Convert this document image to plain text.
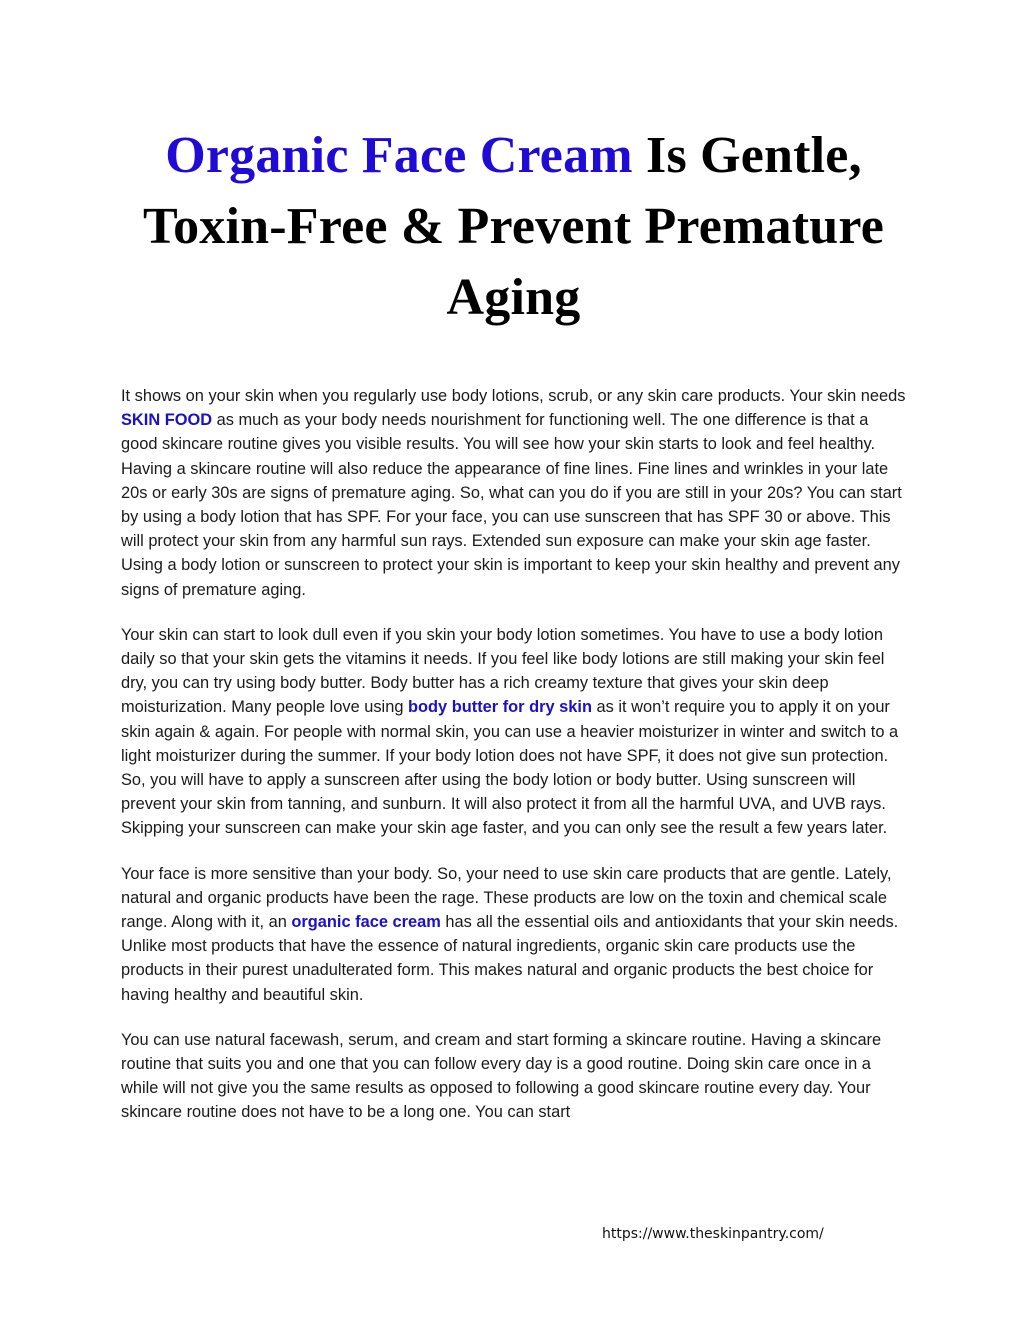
Organic Face Cream Is Gentle, Toxin-Free & Prevent Premature Aging

It shows on your skin when you regularly use body lotions, scrub, or any skin care products. Your skin needs SKIN FOOD as much as your body needs nourishment for functioning well. The one difference is that a good skincare routine gives you visible results. You will see how your skin starts to look and feel healthy. Having a skincare routine will also reduce the appearance of fine lines. Fine lines and wrinkles in your late 20s or early 30s are signs of premature aging. So, what can you do if you are still in your 20s? You can start by using a body lotion that has SPF. For your face, you can use sunscreen that has SPF 30 or above. This will protect your skin from any harmful sun rays. Extended sun exposure can make your skin age faster. Using a body lotion or sunscreen to protect your skin is important to keep your skin healthy and prevent any signs of premature aging.

Your skin can start to look dull even if you skin your body lotion sometimes. You have to use a body lotion daily so that your skin gets the vitamins it needs. If you feel like body lotions are still making your skin feel dry, you can try using body butter. Body butter has a rich creamy texture that gives your skin deep moisturization. Many people love using body butter for dry skin as it won’t require you to apply it on your skin again & again. For people with normal skin, you can use a heavier moisturizer in winter and switch to a light moisturizer during the summer. If your body lotion does not have SPF, it does not give sun protection. So, you will have to apply a sunscreen after using the body lotion or body butter. Using sunscreen will prevent your skin from tanning, and sunburn. It will also protect it from all the harmful UVA, and UVB rays. Skipping your sunscreen can make your skin age faster, and you can only see the result a few years later.

Your face is more sensitive than your body. So, your need to use skin care products that are gentle. Lately, natural and organic products have been the rage. These products are low on the toxin and chemical scale range. Along with it, an organic face cream has all the essential oils and antioxidants that your skin needs. Unlike most products that have the essence of natural ingredients, organic skin care products use the products in their purest unadulterated form. This makes natural and organic products the best choice for having healthy and beautiful skin.

You can use natural facewash, serum, and cream and start forming a skincare routine. Having a skincare routine that suits you and one that you can follow every day is a good routine. Doing skin care once in a while will not give you the same results as opposed to following a good skincare routine every day. Your skincare routine does not have to be a long one. You can start

https://www.theskinpantry.com/
